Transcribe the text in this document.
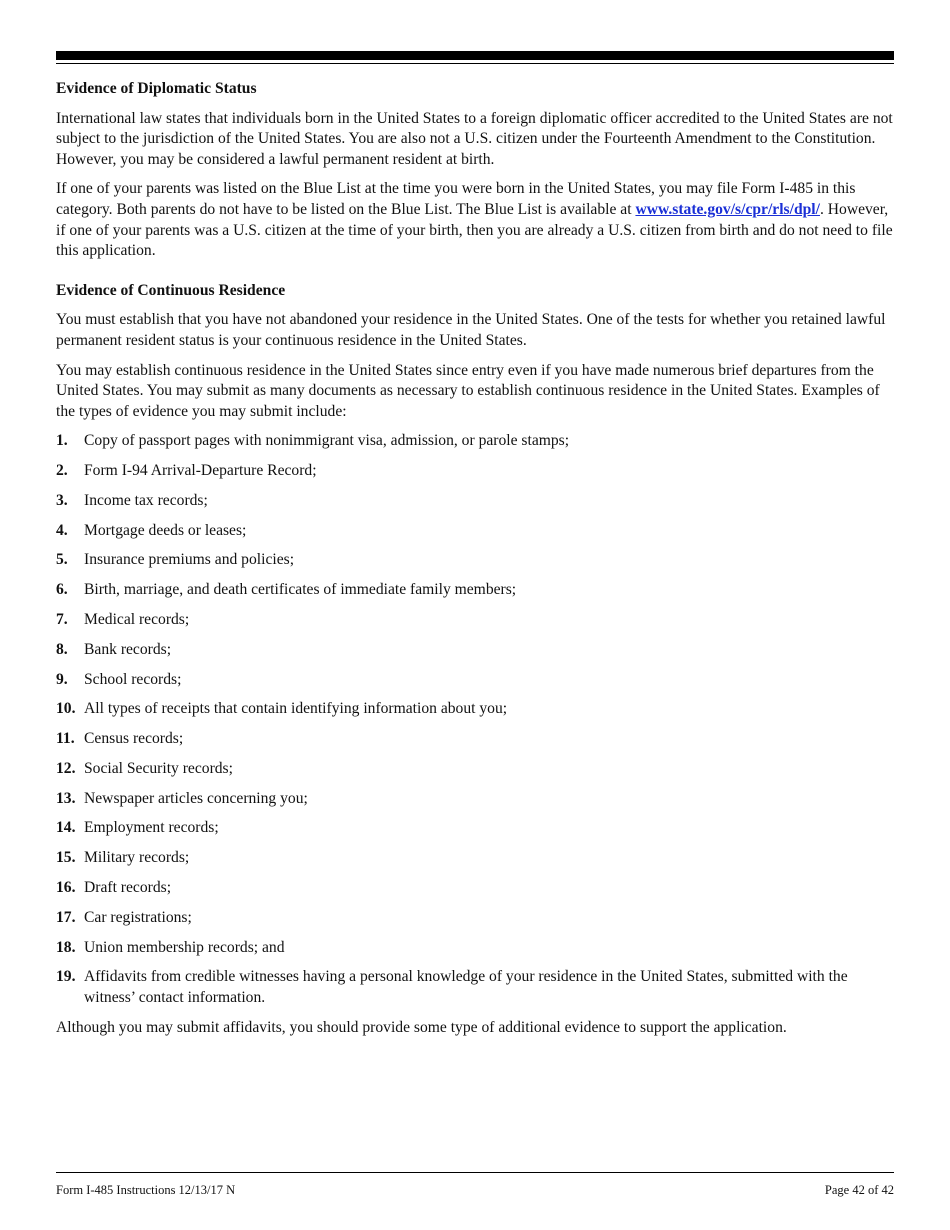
Evidence of Diplomatic Status

International law states that individuals born in the United States to a foreign diplomatic officer accredited to the United States are not subject to the jurisdiction of the United States. You are also not a U.S. citizen under the Fourteenth Amendment to the Constitution. However, you may be considered a lawful permanent resident at birth.

If one of your parents was listed on the Blue List at the time you were born in the United States, you may file Form I-485 in this category. Both parents do not have to be listed on the Blue List. The Blue List is available at www.state.gov/s/cpr/rls/dpl/. However, if one of your parents was a U.S. citizen at the time of your birth, then you are already a U.S. citizen from birth and do not need to file this application.

Evidence of Continuous Residence

You must establish that you have not abandoned your residence in the United States. One of the tests for whether you retained lawful permanent resident status is your continuous residence in the United States.

You may establish continuous residence in the United States since entry even if you have made numerous brief departures from the United States. You may submit as many documents as necessary to establish continuous residence in the United States. Examples of the types of evidence you may submit include:

1. Copy of passport pages with nonimmigrant visa, admission, or parole stamps;
2. Form I-94 Arrival-Departure Record;
3. Income tax records;
4. Mortgage deeds or leases;
5. Insurance premiums and policies;
6. Birth, marriage, and death certificates of immediate family members;
7. Medical records;
8. Bank records;
9. School records;
10. All types of receipts that contain identifying information about you;
11. Census records;
12. Social Security records;
13. Newspaper articles concerning you;
14. Employment records;
15. Military records;
16. Draft records;
17. Car registrations;
18. Union membership records; and
19. Affidavits from credible witnesses having a personal knowledge of your residence in the United States, submitted with the witness’ contact information.

Although you may submit affidavits, you should provide some type of additional evidence to support the application.

Form I-485 Instructions 12/13/17 N	Page 42 of 42
